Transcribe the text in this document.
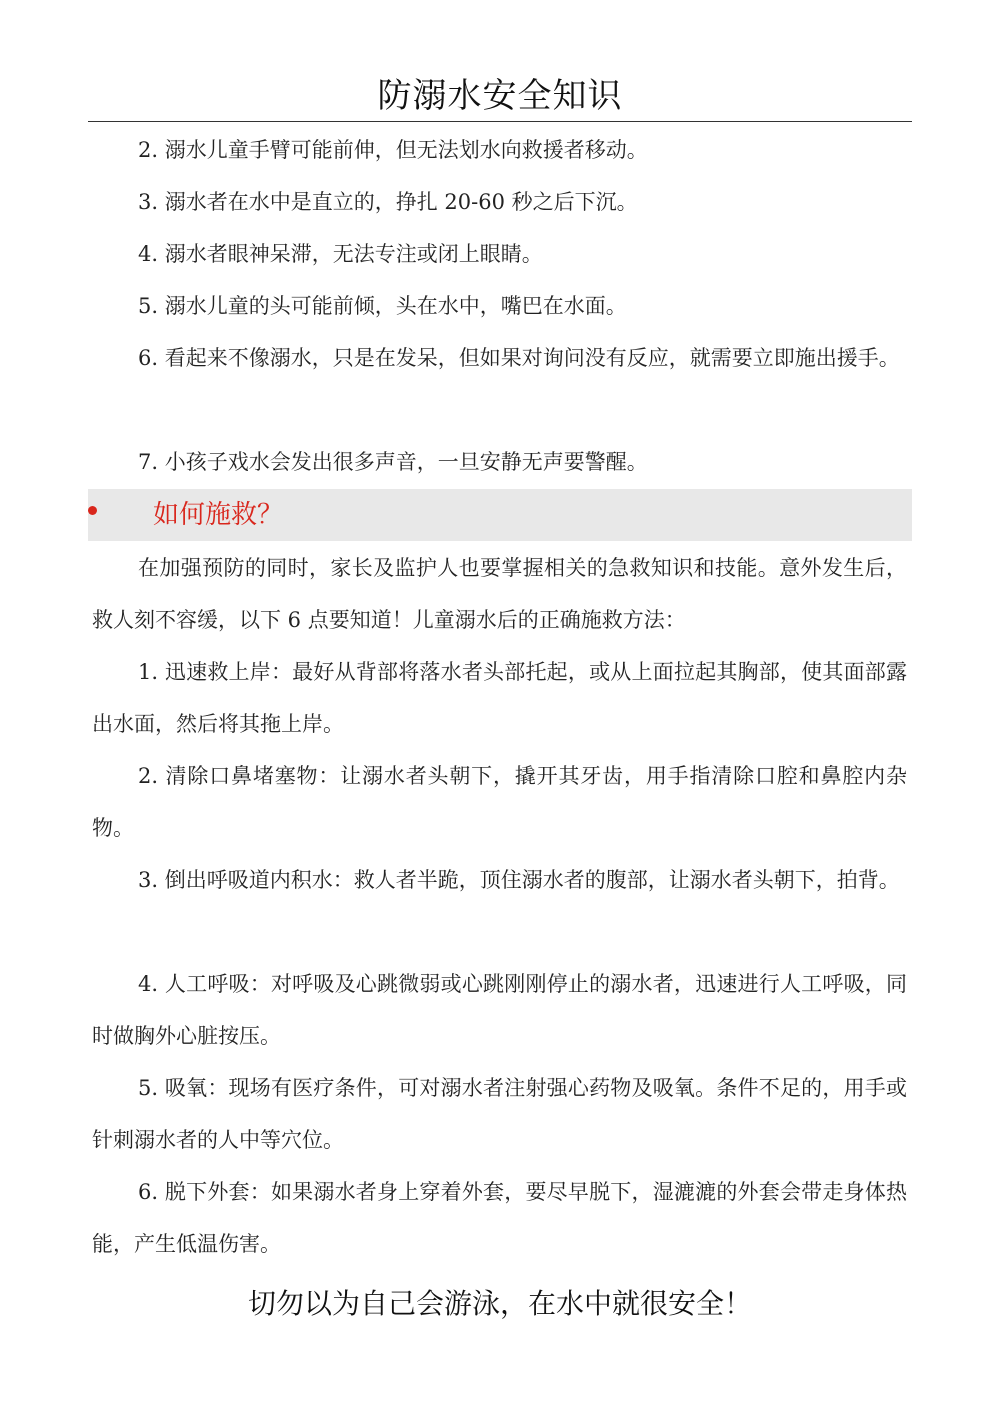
防溺水安全知识

2. 溺水儿童手臂可能前伸，但无法划水向救援者移动。

3. 溺水者在水中是直立的，挣扎 20-60 秒之后下沉。

4. 溺水者眼神呆滞，无法专注或闭上眼睛。

5. 溺水儿童的头可能前倾，头在水中，嘴巴在水面。

6. 看起来不像溺水，只是在发呆，但如果对询问没有反应，就需要立即施出援手。

7. 小孩子戏水会发出很多声音，一旦安静无声要警醒。

如何施救？

在加强预防的同时，家长及监护人也要掌握相关的急救知识和技能。意外发生后，救人刻不容缓，以下 6 点要知道！儿童溺水后的正确施救方法：

1. 迅速救上岸：最好从背部将落水者头部托起，或从上面拉起其胸部，使其面部露出水面，然后将其拖上岸。

2. 清除口鼻堵塞物：让溺水者头朝下，撬开其牙齿，用手指清除口腔和鼻腔内杂物。

3. 倒出呼吸道内积水：救人者半跪，顶住溺水者的腹部，让溺水者头朝下，拍背。

4. 人工呼吸：对呼吸及心跳微弱或心跳刚刚停止的溺水者，迅速进行人工呼吸，同时做胸外心脏按压。

5. 吸氧：现场有医疗条件，可对溺水者注射强心药物及吸氧。条件不足的，用手或针刺溺水者的人中等穴位。

6. 脱下外套：如果溺水者身上穿着外套，要尽早脱下，湿漉漉的外套会带走身体热能，产生低温伤害。

切勿以为自己会游泳，在水中就很安全！
